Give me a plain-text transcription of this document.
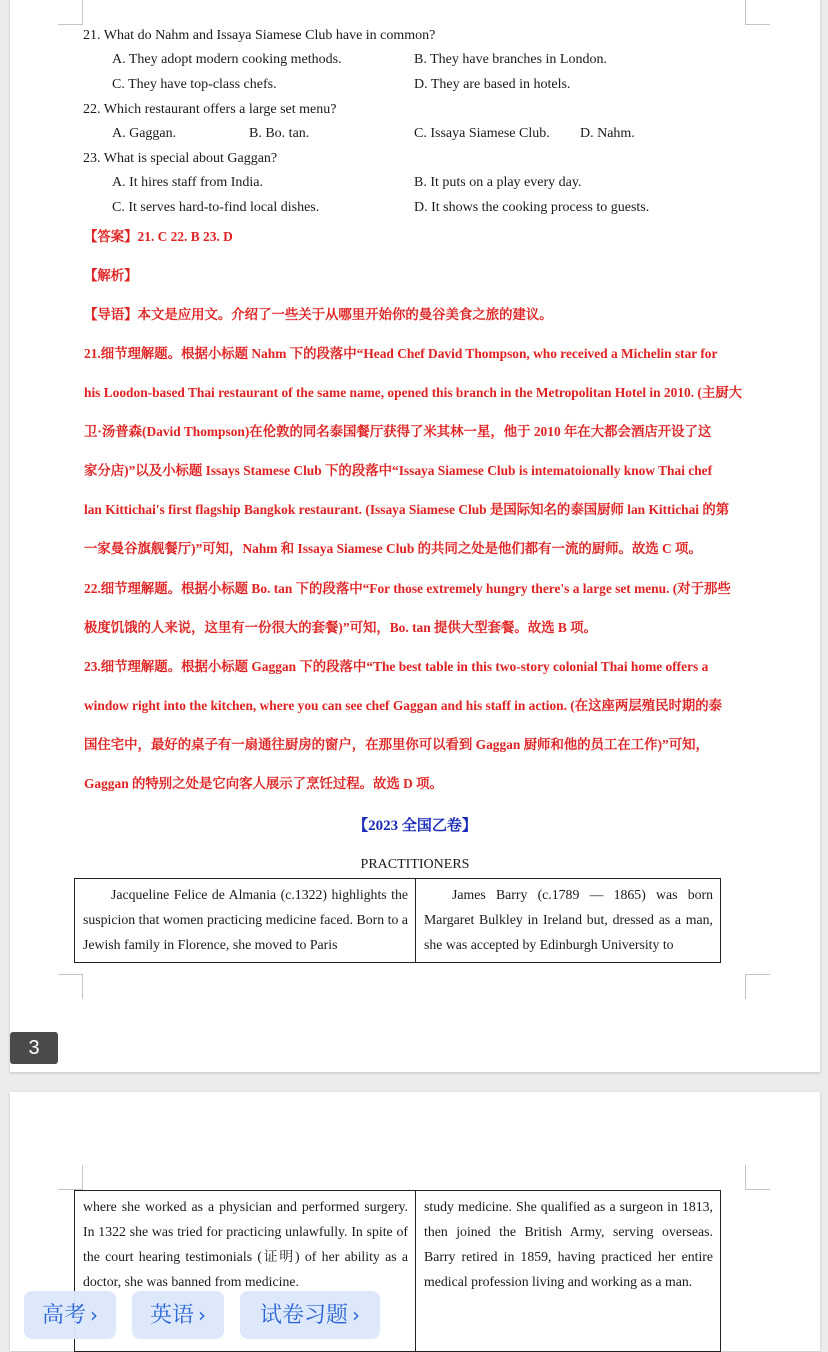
21. What do Nahm and Issaya Siamese Club have in common?
A. They adopt modern cooking methods.	B. They have branches in London.
C. They have top-class chefs.	D. They are based in hotels.
22. Which restaurant offers a large set menu?
A. Gaggan.	B. Bo. tan.	C. Issaya Siamese Club. D. Nahm.
23. What is special about Gaggan?
A. It hires staff from India.	B. It puts on a play every day.
C. It serves hard-to-find local dishes.	D. It shows the cooking process to guests.
【答案】21. C 22. B 23. D
【解析】
【导语】本文是应用文。介绍了一些关于从哪里开始你的曼谷美食之旅的建议。
21.细节理解题。根据小标题 Nahm 下的段落中“Head Chef David Thompson, who received a Michelin star for
his Loodon-based Thai restaurant of the same name, opened this branch in the Metropolitan Hotel in 2010. (主厨大
卫·汤普森(David Thompson)在伦敦的同名泰国餐厅获得了米其林一星，他于 2010 年在大都会酒店开设了这
家分店)”以及小标题 Issays Stamese Club 下的段落中“Issaya Siamese Club is intematoionally know Thai chef
lan Kittichai's first flagship Bangkok restaurant. (Issaya Siamese Club 是国际知名的泰国厨师 lan Kittichai 的第
一家曼谷旗舰餐厅)”可知，Nahm 和 Issaya Siamese Club 的共同之处是他们都有一流的厨师。故选 C 项。
22.细节理解题。根据小标题 Bo. tan 下的段落中“For those extremely hungry there's a large set menu. (对于那些
极度饥饿的人来说，这里有一份很大的套餐)”可知，Bo. tan 提供大型套餐。故选 B 项。
23.细节理解题。根据小标题 Gaggan 下的段落中“The best table in this two-story colonial Thai home offers a
window right into the kitchen, where you can see chef Gaggan and his staff in action. (在这座两层殖民时期的泰
国住宅中，最好的桌子有一扇通往厨房的窗户，在那里你可以看到 Gaggan 厨师和他的员工在工作)”可知，
Gaggan 的特别之处是它向客人展示了烹饪过程。故选 D 项。
【2023 全国乙卷】
PRACTITIONERS
Jacqueline Felice de Almania (c.1322) highlights the suspicion that women practicing medicine faced. Born to a Jewish family in Florence, she moved to Paris	James Barry (c.1789 — 1865) was born Margaret Bulkley in Ireland but, dressed as a man, she was accepted by Edinburgh University to
3
where she worked as a physician and performed surgery. In 1322 she was tried for practicing unlawfully. In spite of the court hearing testimonials (证明) of her ability as a doctor, she was banned from medicine.	study medicine. She qualified as a surgeon in 1813, then joined the British Army, serving overseas. Barry retired in 1859, having practiced her entire medical profession living and working as a man.
高考 ›	英语 ›	试卷习题 ›
